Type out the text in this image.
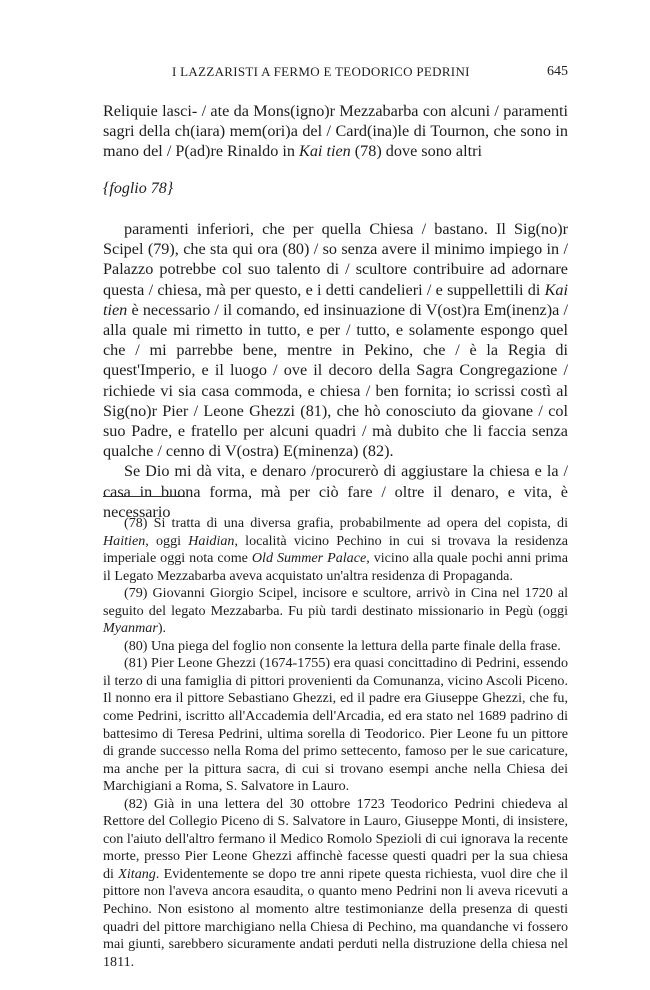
I LAZZARISTI A FERMO E TEODORICO PEDRINI	645

Reliquie lasci- / ate da Mons(igno)r Mezzabarba con alcuni / paramenti sagri della ch(iara) mem(ori)a del / Card(ina)le di Tournon, che sono in mano del / P(ad)re Rinaldo in Kai tien (78) dove sono altri

{foglio 78}

paramenti inferiori, che per quella Chiesa / bastano. Il Sig(no)r Scipel (79), che sta qui ora (80) / so senza avere il minimo impiego in / Palazzo potrebbe col suo talento di / scultore contribuire ad adornare questa / chiesa, mà per questo, e i detti candelieri / e suppellettili di Kai tien è necessario / il comando, ed insinuazione di V(ost)ra Em(inenz)a / alla quale mi rimetto in tutto, e per / tutto, e solamente espongo quel che / mi parrebbe bene, mentre in Pekino, che / è la Regia di quest'Imperio, e il luogo / ove il decoro della Sagra Congregazione / richiede vi sia casa commoda, e chiesa / ben fornita; io scrissi costì al Sig(no)r Pier / Leone Ghezzi (81), che hò conosciuto da giovane / col suo Padre, e fratello per alcuni quadri / mà dubito che li faccia senza qualche / cenno di V(ostra) E(minenza) (82).

Se Dio mi dà vita, e denaro /procurerò di aggiustare la chiesa e la / casa in buona forma, mà per ciò fare / oltre il denaro, e vita, è necessario

(78) Si tratta di una diversa grafia, probabilmente ad opera del copista, di Haitien, oggi Haidian, località vicino Pechino in cui si trovava la residenza imperiale oggi nota come Old Summer Palace, vicino alla quale pochi anni prima il Legato Mezzabarba aveva acquistato un'altra residenza di Propaganda.

(79) Giovanni Giorgio Scipel, incisore e scultore, arrivò in Cina nel 1720 al seguito del legato Mezzabarba. Fu più tardi destinato missionario in Pegù (oggi Myanmar).

(80) Una piega del foglio non consente la lettura della parte finale della frase.

(81) Pier Leone Ghezzi (1674-1755) era quasi concittadino di Pedrini, essendo il terzo di una famiglia di pittori provenienti da Comunanza, vicino Ascoli Piceno. Il nonno era il pittore Sebastiano Ghezzi, ed il padre era Giuseppe Ghezzi, che fu, come Pedrini, iscritto all'Accademia dell'Arcadia, ed era stato nel 1689 padrino di battesimo di Teresa Pedrini, ultima sorella di Teodorico. Pier Leone fu un pittore di grande successo nella Roma del primo settecento, famoso per le sue caricature, ma anche per la pittura sacra, di cui si trovano esempi anche nella Chiesa dei Marchigiani a Roma, S. Salvatore in Lauro.

(82) Già in una lettera del 30 ottobre 1723 Teodorico Pedrini chiedeva al Rettore del Collegio Piceno di S. Salvatore in Lauro, Giuseppe Monti, di insistere, con l'aiuto dell'altro fermano il Medico Romolo Spezioli di cui ignorava la recente morte, presso Pier Leone Ghezzi affinchè facesse questi quadri per la sua chiesa di Xitang. Evidentemente se dopo tre anni ripete questa richiesta, vuol dire che il pittore non l'aveva ancora esaudita, o quanto meno Pedrini non li aveva ricevuti a Pechino. Non esistono al momento altre testimonianze della presenza di questi quadri del pittore marchigiano nella Chiesa di Pechino, ma quandanche vi fossero mai giunti, sarebbero sicuramente andati perduti nella distruzione della chiesa nel 1811.
